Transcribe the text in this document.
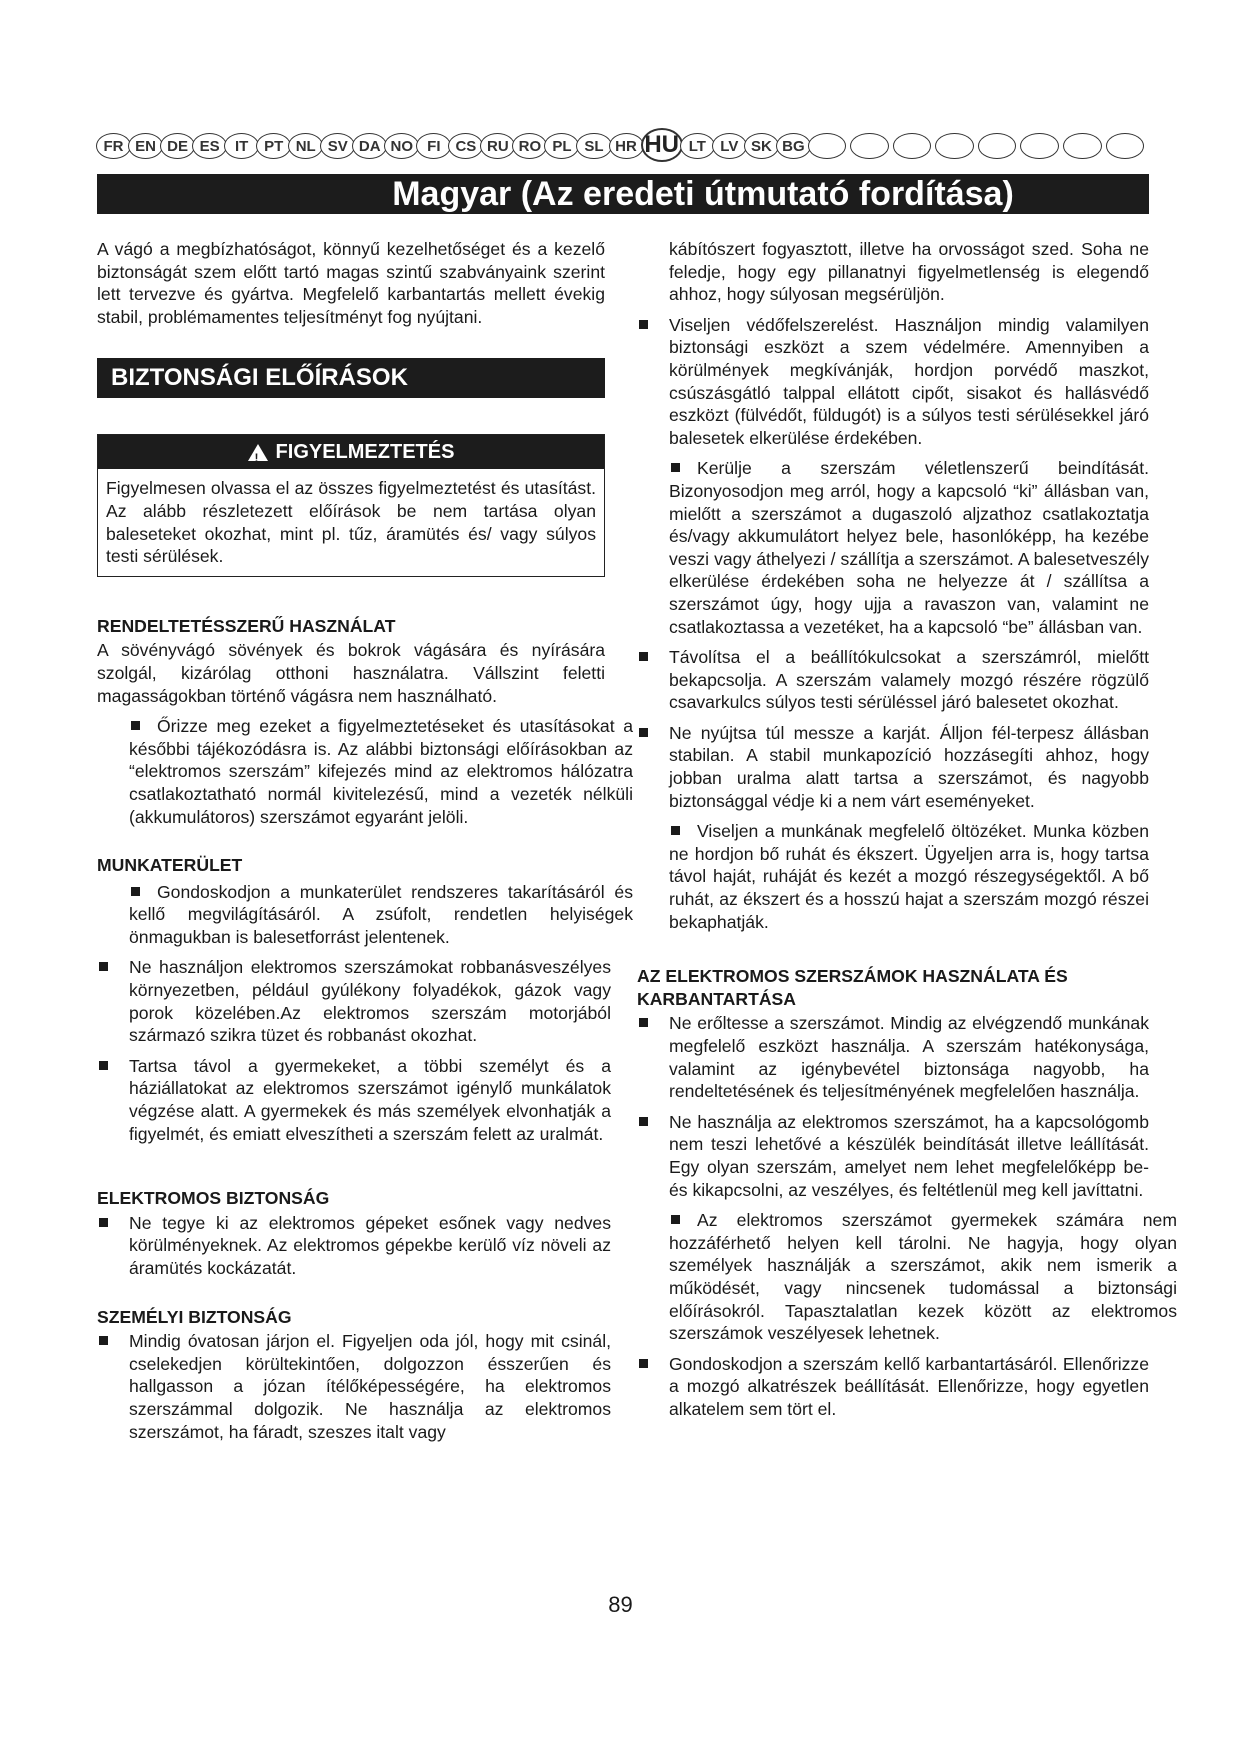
FR EN DE ES	IT	PT NL SV DA NO FI CS RU RO PL SL HR HU LT LV SK BG
Magyar (Az eredeti útmutató fordítása)

A vágó a megbízhatóságot, könnyű kezelhetőséget és a kezelő biztonságát szem előtt tartó magas szintű szabványaink szerint lett tervezve és gyártva. Megfelelő karbantartás mellett évekig stabil, problémamentes teljesítményt fog nyújtani.

BIZTONSÁGI ELŐÍRÁSOK
!
FIGYELMEZTETÉS
Figyelmesen olvassa el az összes figyelmeztetést és utasítást. Az alább részletezett előírások be nem tartása olyan baleseteket okozhat, mint pl. tűz, áramütés és/ vagy súlyos testi sérülések.
RENDELTETÉSSZERŰ HASZNÁLAT

A sövényvágó sövények és bokrok vágására és nyírására szolgál, kizárólag otthoni használatra. Vállszint feletti magasságokban történő vágásra nem használható.

Őrizze meg ezeket a figyelmeztetéseket és utasításokat a későbbi tájékozódásra is. Az alábbi biztonsági előírásokban az “elektromos szerszám” kifejezés mind az elektromos hálózatra csatlakoztatható normál kivitelezésű, mind a vezeték nélküli (akkumulátoros) szerszámot egyaránt jelöli.
MUNKATERÜLET
Gondoskodjon a munkaterület rendszeres takarításáról és kellő megvilágításáról. A zsúfolt, rendetlen helyiségek önmagukban is balesetforrást jelentenek.
Ne használjon elektromos szerszámokat robbanásveszélyes környezetben, például gyúlékony folyadékok, gázok vagy porok közelében.Az elektromos szerszám motorjából származó szikra tüzet és robbanást okozhat.
Tartsa távol a gyermekeket, a többi személyt és a háziállatokat az elektromos szerszámot igénylő munkálatok végzése alatt. A gyermekek és más személyek elvonhatják a figyelmét, és emiatt elveszítheti a szerszám felett az uralmát.
ELEKTROMOS BIZTONSÁG
Ne tegye ki az elektromos gépeket esőnek vagy nedves körülményeknek. Az elektromos gépekbe kerülő víz növeli az áramütés kockázatát.
SZEMÉLYI BIZTONSÁG
Mindig óvatosan járjon el. Figyeljen oda jól, hogy mit csinál, cselekedjen körültekintően, dolgozzon ésszerűen és hallgasson a józan ítélőképességére, ha elektromos szerszámmal dolgozik. Ne használja az elektromos szerszámot, ha fáradt, szeszes italt vagy

kábítószert fogyasztott, illetve ha orvosságot szed. Soha ne feledje, hogy egy pillanatnyi figyelmetlenség is elegendő ahhoz, hogy súlyosan megsérüljön.

Viseljen védőfelszerelést. Használjon mindig valamilyen biztonsági eszközt a szem védelmére. Amennyiben a körülmények megkívánják, hordjon porvédő maszkot, csúszásgátló talppal ellátott cipőt, sisakot és hallásvédő eszközt (fülvédőt, füldugót) is a súlyos testi sérülésekkel járó balesetek elkerülése érdekében.
Kerülje a szerszám véletlenszerű beindítását. Bizonyosodjon meg arról, hogy a kapcsoló “ki” állásban van, mielőtt a szerszámot a dugaszoló aljzathoz csatlakoztatja és/vagy akkumulátort helyez bele, hasonlóképp, ha kezébe veszi vagy áthelyezi / szállítja a szerszámot. A balesetveszély elkerülése érdekében soha ne helyezze át / szállítsa a szerszámot úgy, hogy ujja a ravaszon van, valamint ne csatlakoztassa a vezetéket, ha a kapcsoló “be” állásban van.
Távolítsa el a beállítókulcsokat a szerszámról, mielőtt bekapcsolja. A szerszám valamely mozgó részére rögzülő csavarkulcs súlyos testi sérüléssel járó balesetet okozhat.
Ne nyújtsa túl messze a karját. Álljon fél-terpesz állásban stabilan. A stabil munkapozíció hozzásegíti ahhoz, hogy jobban uralma alatt tartsa a szerszámot, és nagyobb biztonsággal védje ki a nem várt eseményeket.
Viseljen a munkának megfelelő öltözéket. Munka közben ne hordjon bő ruhát és ékszert. Ügyeljen arra is, hogy tartsa távol haját, ruháját és kezét a mozgó részegységektől. A bő ruhát, az ékszert és a hosszú hajat a szerszám mozgó részei bekaphatják.
AZ ELEKTROMOS SZERSZÁMOK HASZNÁLATA ÉS KARBANTARTÁSA
Ne erőltesse a szerszámot. Mindig az elvégzendő munkának megfelelő eszközt használja. A szerszám hatékonysága, valamint az igénybevétel biztonsága nagyobb, ha rendeltetésének és teljesítményének megfelelően használja.
Ne használja az elektromos szerszámot, ha a kapcsológomb nem teszi lehetővé a készülék beindítását illetve leállítását. Egy olyan szerszám, amelyet nem lehet megfelelőképp be- és kikapcsolni, az veszélyes, és feltétlenül meg kell javíttatni.
Az elektromos szerszámot gyermekek számára nem hozzáférhető helyen kell tárolni. Ne hagyja, hogy olyan személyek használják a szerszámot, akik nem ismerik a működését, vagy nincsenek tudomással a biztonsági előírásokról. Tapasztalatlan kezek között az elektromos szerszámok veszélyesek lehetnek.
Gondoskodjon a szerszám kellő karbantartásáról. Ellenőrizze a mozgó alkatrészek beállítását. Ellenőrizze, hogy egyetlen alkatelem sem tört el.
89
